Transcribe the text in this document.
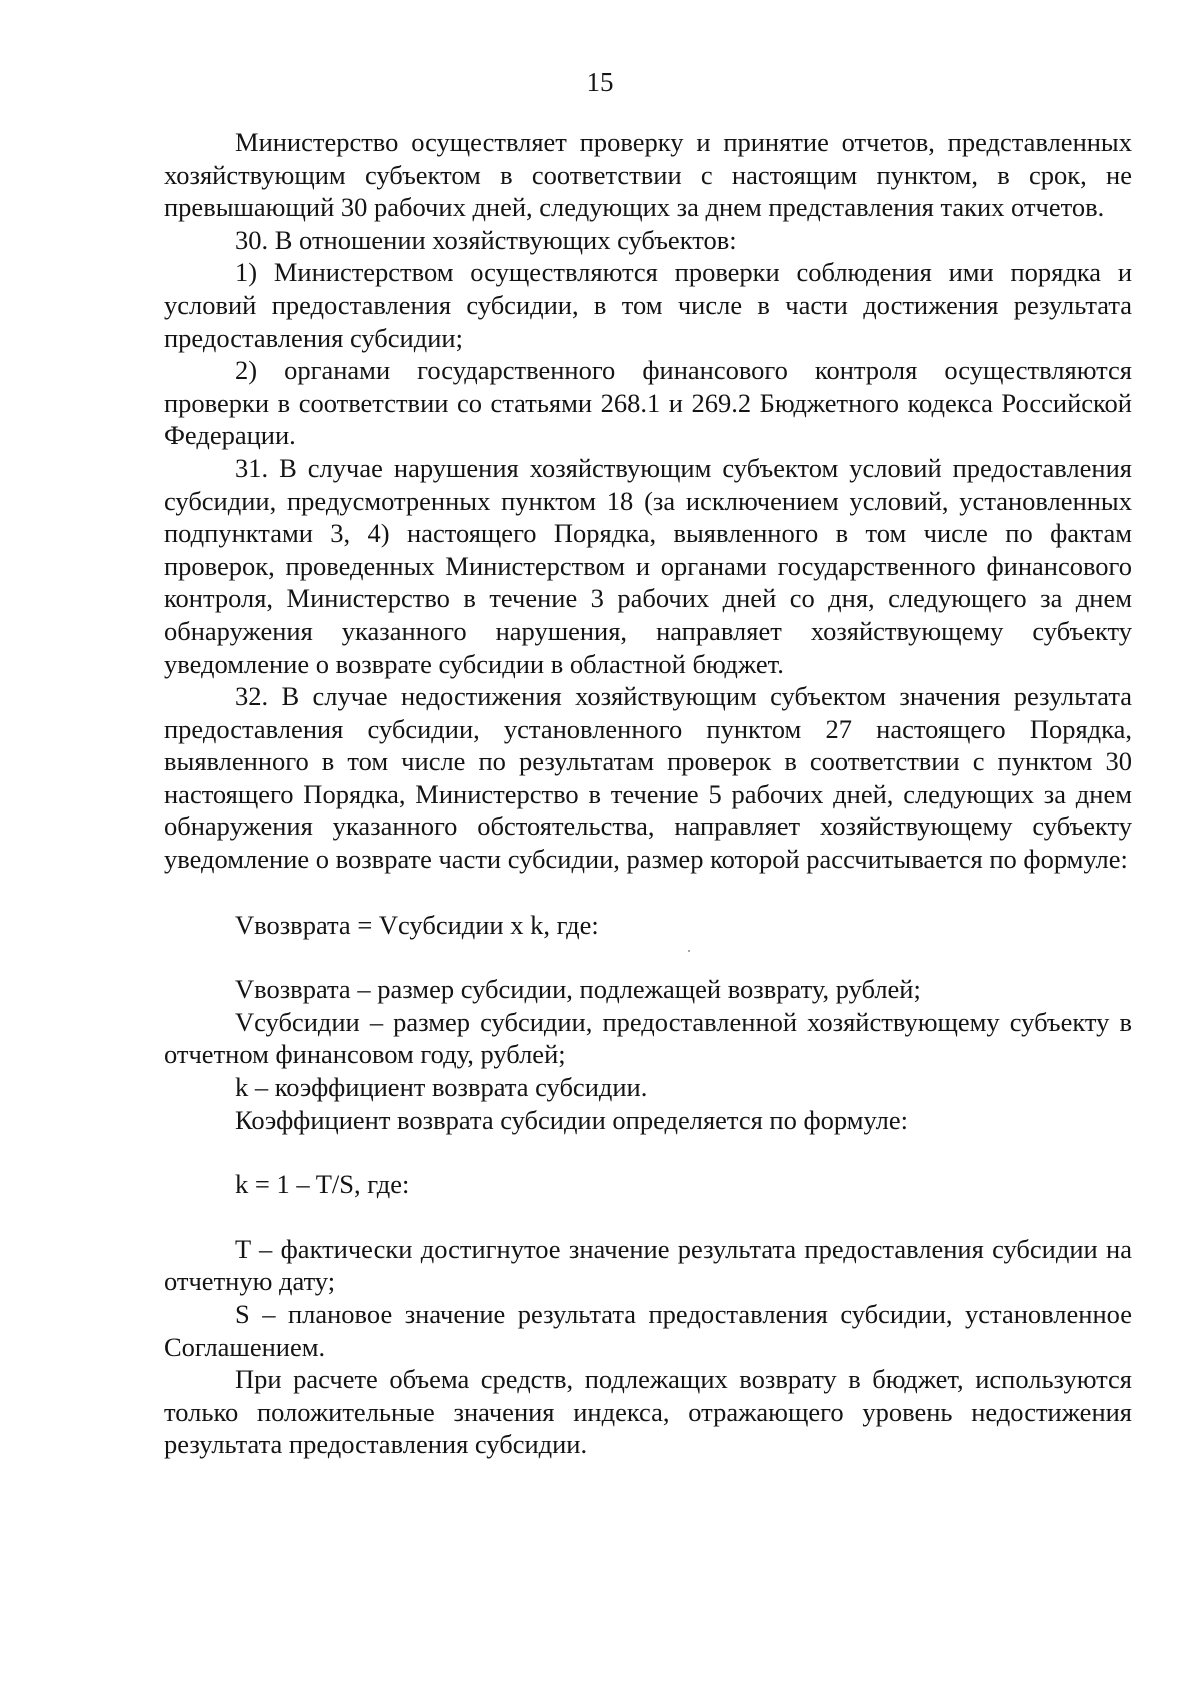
15

Министерство осуществляет проверку и принятие отчетов, представленных хозяйствующим субъектом в соответствии с настоящим пунктом, в срок, не превышающий 30 рабочих дней, следующих за днем представления таких отчетов.

30. В отношении хозяйствующих субъектов:

1) Министерством осуществляются проверки соблюдения ими порядка и условий предоставления субсидии, в том числе в части достижения результата предоставления субсидии;

2) органами государственного финансового контроля осуществляются проверки в соответствии со статьями 268.1 и 269.2 Бюджетного кодекса Российской Федерации.

31. В случае нарушения хозяйствующим субъектом условий предоставления субсидии, предусмотренных пунктом 18 (за исключением условий, установленных подпунктами 3, 4) настоящего Порядка, выявленного в том числе по фактам проверок, проведенных Министерством и органами государственного финансового контроля, Министерство в течение 3 рабочих дней со дня, следующего за днем обнаружения указанного нарушения, направляет хозяйствующему субъекту уведомление о возврате субсидии в областной бюджет.

32. В случае недостижения хозяйствующим субъектом значения результата предоставления субсидии, установленного пунктом 27 настоящего Порядка, выявленного в том числе по результатам проверок в соответствии с пунктом 30 настоящего Порядка, Министерство в течение 5 рабочих дней, следующих за днем обнаружения указанного обстоятельства, направляет хозяйствующему субъекту уведомление о возврате части субсидии, размер которой рассчитывается по формуле:

Vвозврата = Vсубсидии x k, где:

Vвозврата – размер субсидии, подлежащей возврату, рублей;

Vсубсидии – размер субсидии, предоставленной хозяйствующему субъекту в отчетном финансовом году, рублей;

k – коэффициент возврата субсидии.

Коэффициент возврата субсидии определяется по формуле:

k = 1 – T/S, где:

T – фактически достигнутое значение результата предоставления субсидии на отчетную дату;

S – плановое значение результата предоставления субсидии, установленное Соглашением.

При расчете объема средств, подлежащих возврату в бюджет, используются только положительные значения индекса, отражающего уровень недостижения результата предоставления субсидии.
